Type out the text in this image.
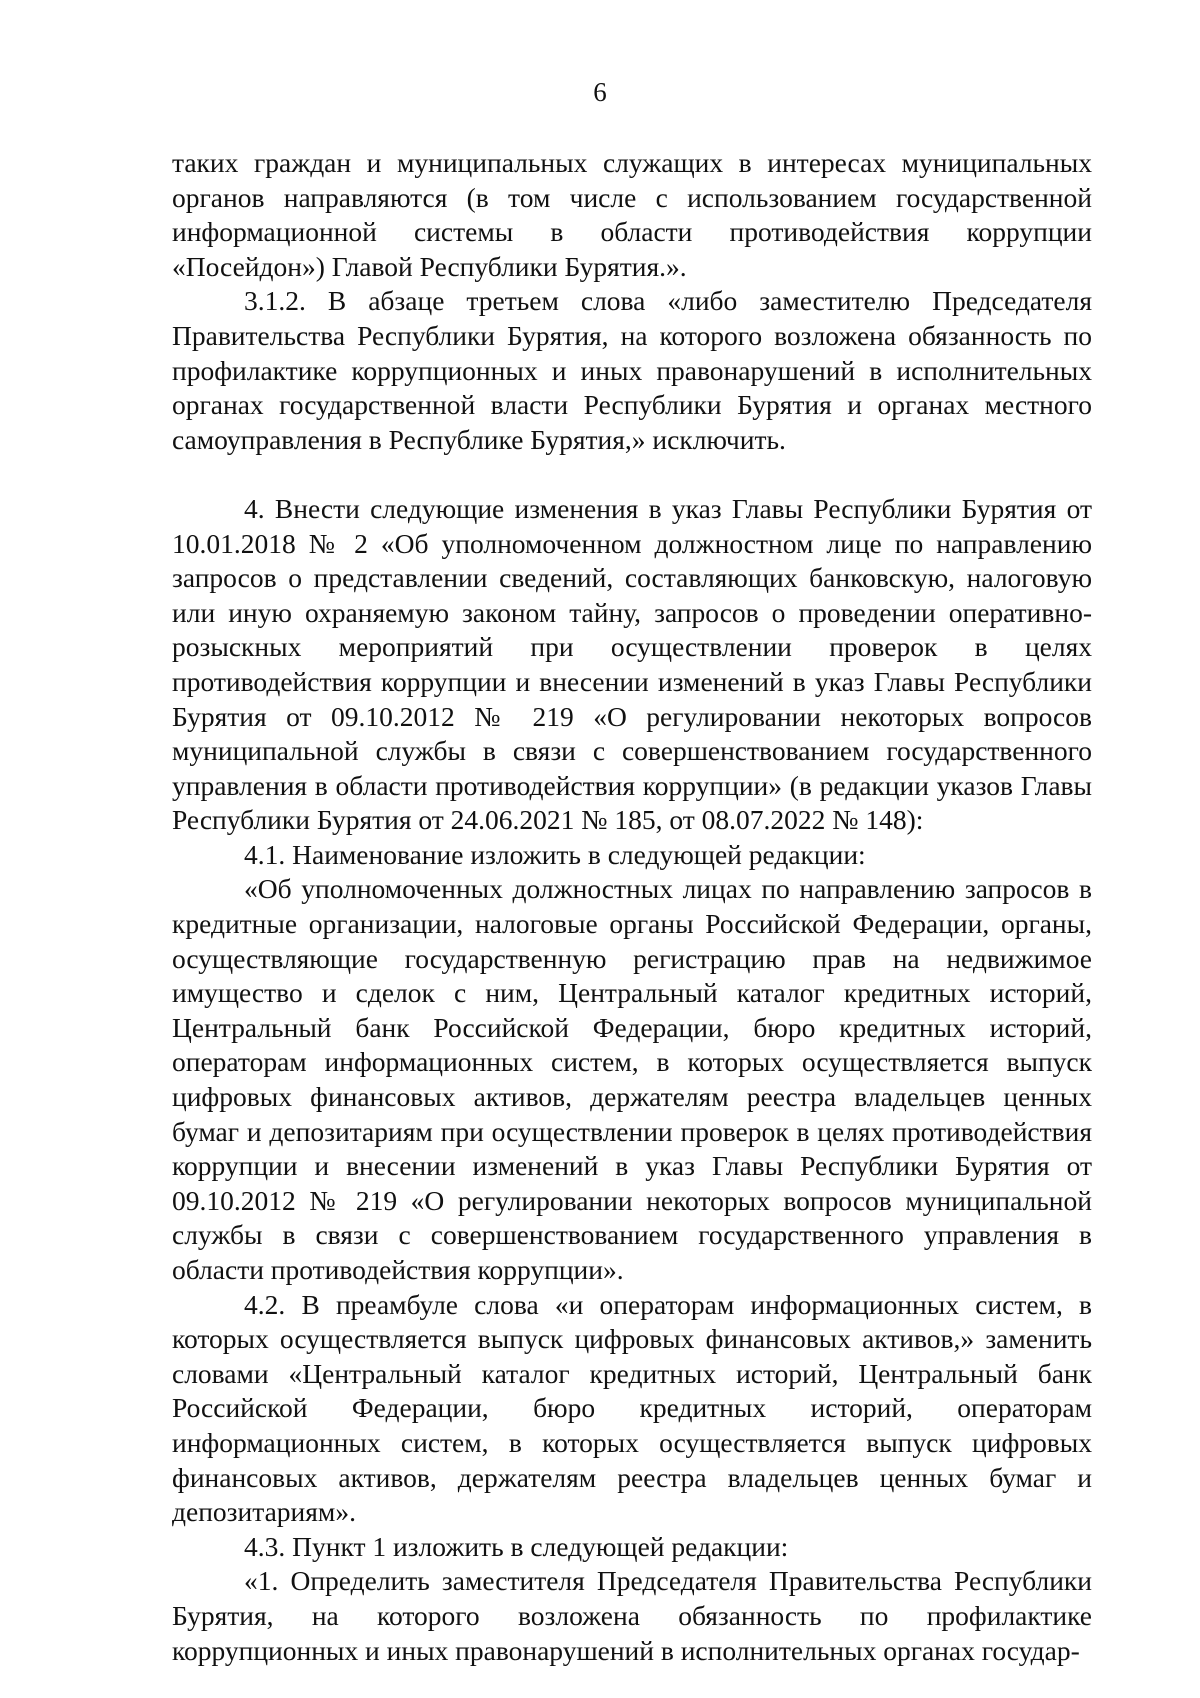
6

таких граждан и муниципальных служащих в интересах муниципальных органов направляются (в том числе с использованием государственной информационной системы в области противодействия коррупции «Посейдон») Главой Республики Бурятия.».

3.1.2. В абзаце третьем слова «либо заместителю Председателя Правительства Республики Бурятия, на которого возложена обязанность по профилактике коррупционных и иных правонарушений в исполнительных органах государственной власти Республики Бурятия и органах местного самоуправления в Республике Бурятия,» исключить.

4. Внести следующие изменения в указ Главы Республики Бурятия от 10.01.2018 № 2 «Об уполномоченном должностном лице по направлению запросов о представлении сведений, составляющих банковскую, налоговую или иную охраняемую законом тайну, запросов о проведении оперативно-розыскных мероприятий при осуществлении проверок в целях противодействия коррупции и внесении изменений в указ Главы Республики Бурятия от 09.10.2012 № 219 «О регулировании некоторых вопросов муниципальной службы в связи с совершенствованием государственного управления в области противодействия коррупции» (в редакции указов Главы Республики Бурятия от 24.06.2021 № 185, от 08.07.2022 № 148):

4.1. Наименование изложить в следующей редакции:

«Об уполномоченных должностных лицах по направлению запросов в кредитные организации, налоговые органы Российской Федерации, органы, осуществляющие государственную регистрацию прав на недвижимое имущество и сделок с ним, Центральный каталог кредитных историй, Центральный банк Российской Федерации, бюро кредитных историй, операторам информационных систем, в которых осуществляется выпуск цифровых финансовых активов, держателям реестра владельцев ценных бумаг и депозитариям при осуществлении проверок в целях противодействия коррупции и внесении изменений в указ Главы Республики Бурятия от 09.10.2012 № 219 «О регулировании некоторых вопросов муниципальной службы в связи с совершенствованием государственного управления в области противодействия коррупции».

4.2. В преамбуле слова «и операторам информационных систем, в которых осуществляется выпуск цифровых финансовых активов,» заменить словами «Центральный каталог кредитных историй, Центральный банк Российской Федерации, бюро кредитных историй, операторам информационных систем, в которых осуществляется выпуск цифровых финансовых активов, держателям реестра владельцев ценных бумаг и депозитариям».

4.3. Пункт 1 изложить в следующей редакции:

«1. Определить заместителя Председателя Правительства Республики Бурятия, на которого возложена обязанность по профилактике коррупционных и иных правонарушений в исполнительных органах государ-
